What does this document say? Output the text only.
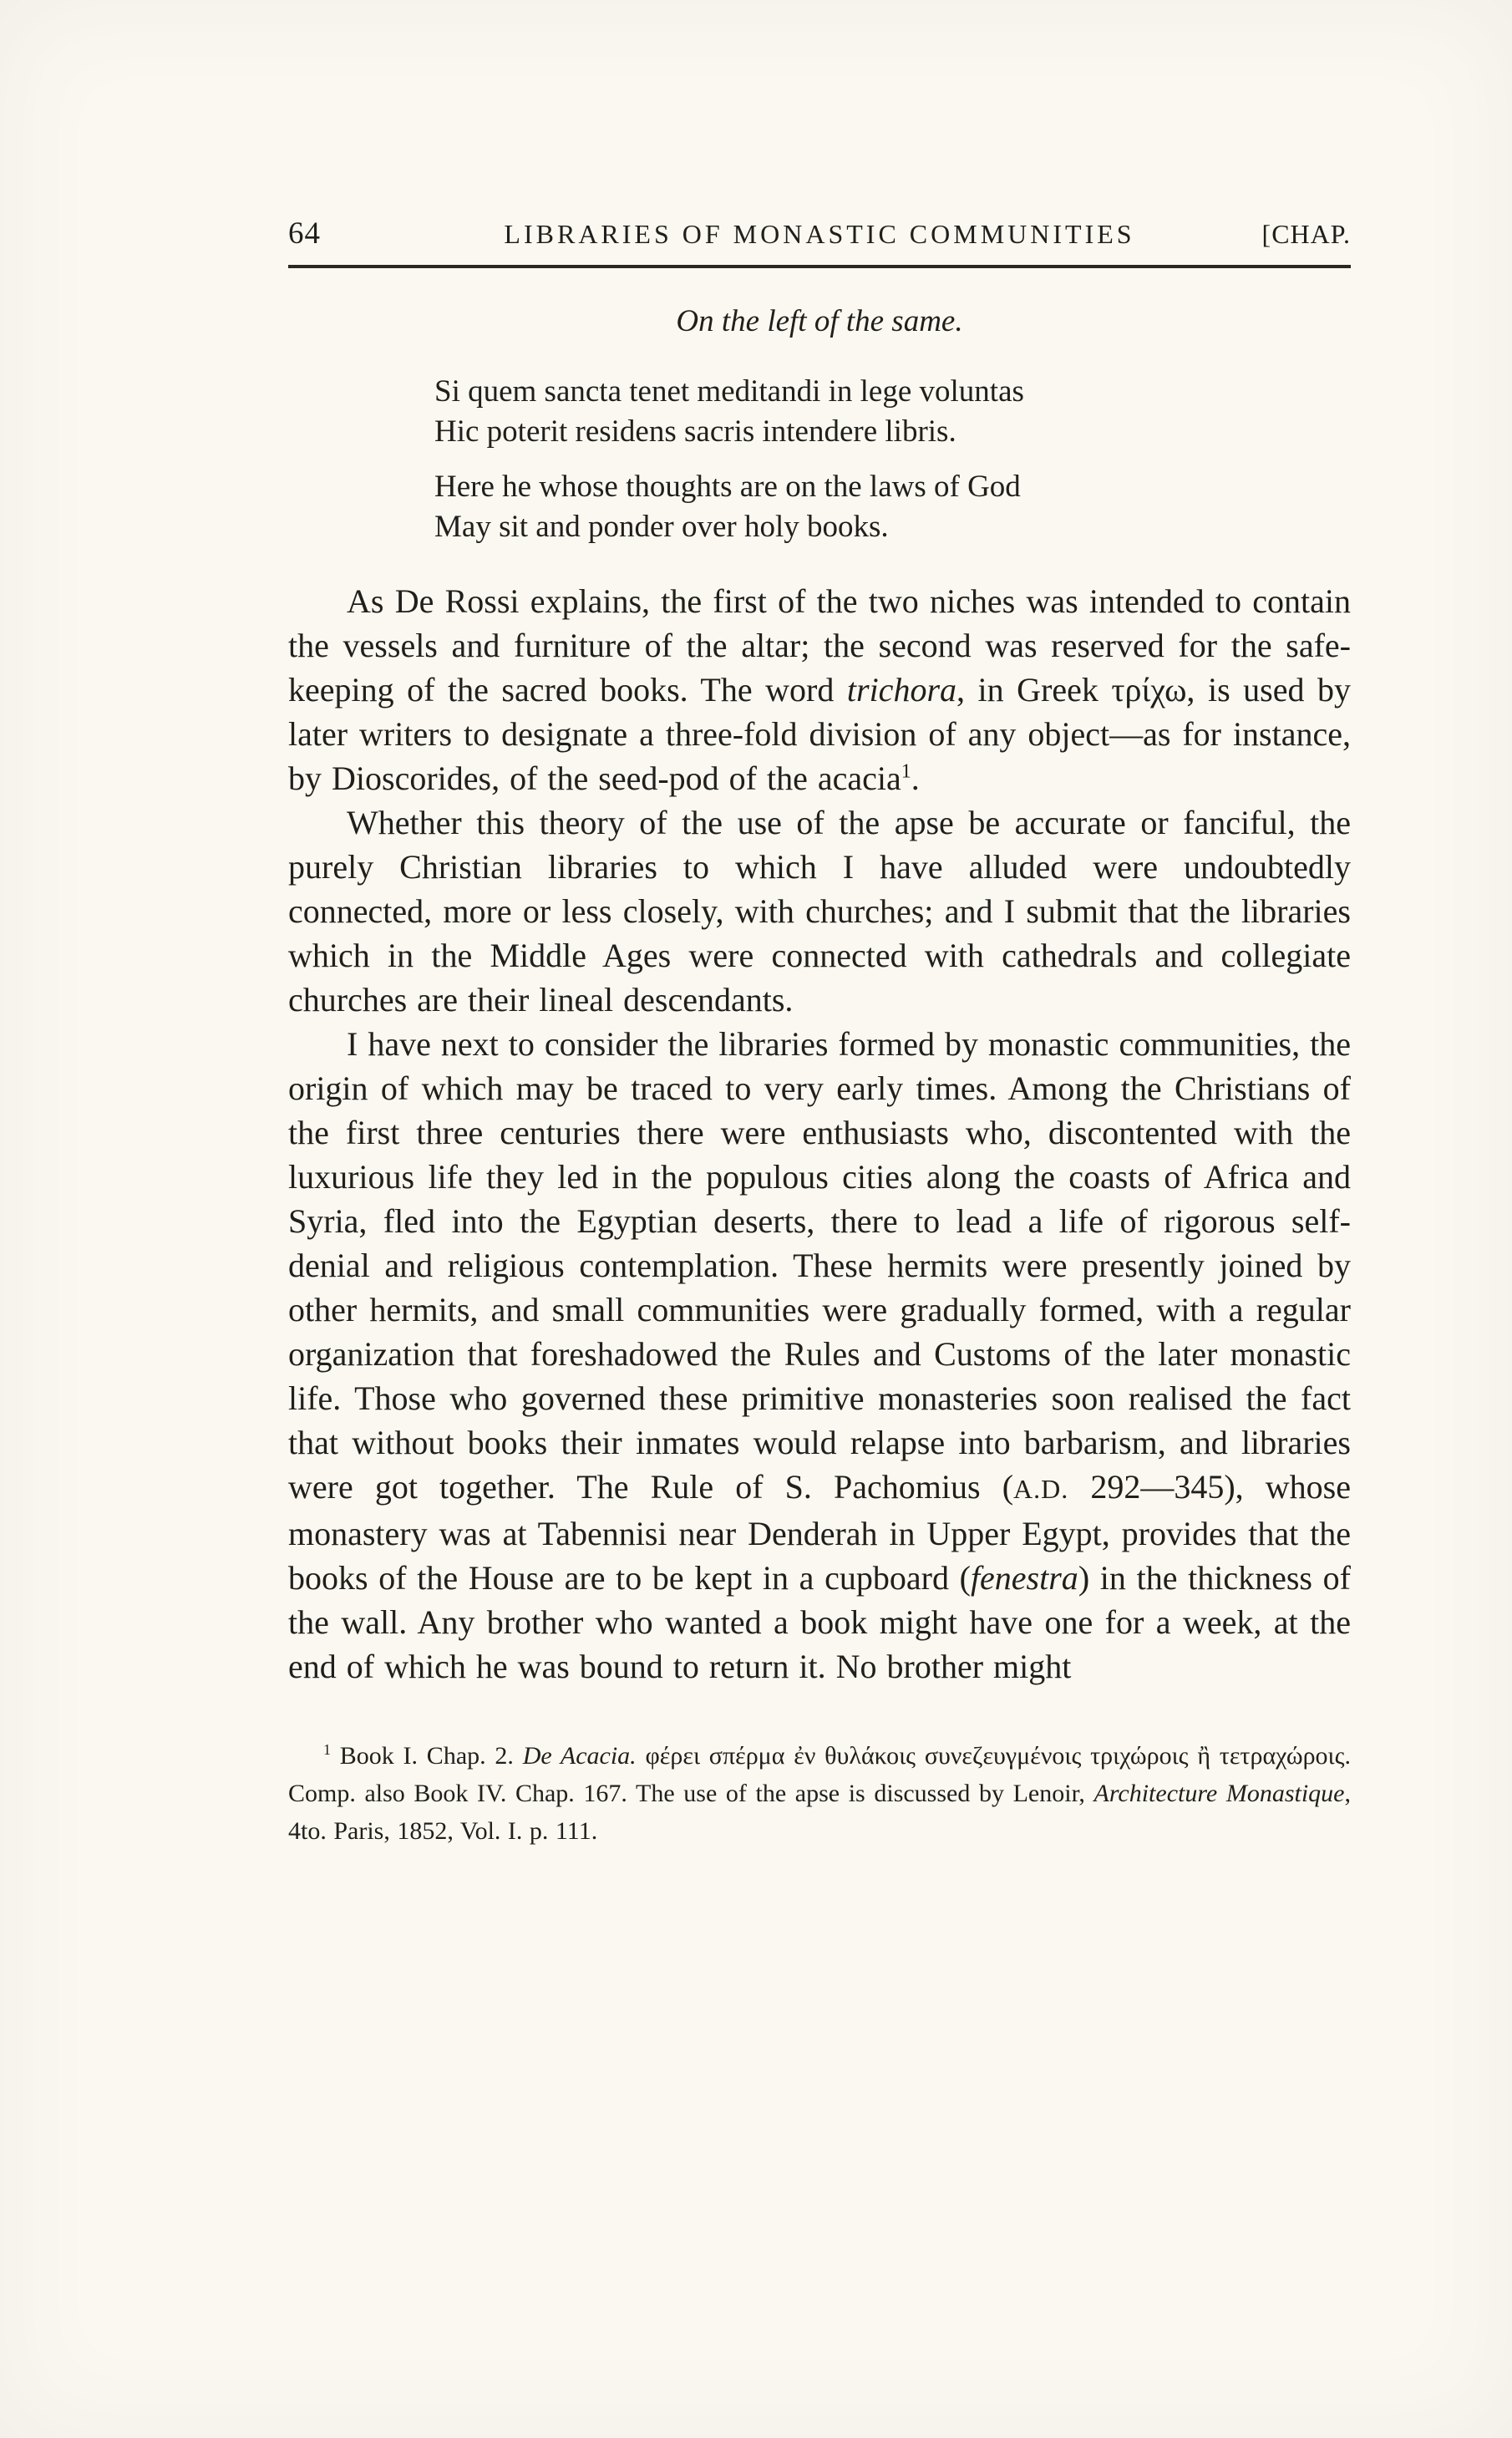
64	LIBRARIES OF MONASTIC COMMUNITIES	[CHAP.
On the left of the same.
Si quem sancta tenet meditandi in lege voluntas
Hic poterit residens sacris intendere libris.
Here he whose thoughts are on the laws of God
May sit and ponder over holy books.

As De Rossi explains, the first of the two niches was intended to contain the vessels and furniture of the altar; the second was reserved for the safe-keeping of the sacred books. The word trichora, in Greek τρίχω, is used by later writers to designate a three-fold division of any object—as for instance, by Dioscorides, of the seed-pod of the acacia$^1$.

Whether this theory of the use of the apse be accurate or fanciful, the purely Christian libraries to which I have alluded were undoubtedly connected, more or less closely, with churches; and I submit that the libraries which in the Middle Ages were connected with cathedrals and collegiate churches are their lineal descendants.

I have next to consider the libraries formed by monastic communities, the origin of which may be traced to very early times. Among the Christians of the first three centuries there were enthusiasts who, discontented with the luxurious life they led in the populous cities along the coasts of Africa and Syria, fled into the Egyptian deserts, there to lead a life of rigorous self-denial and religious contemplation. These hermits were presently joined by other hermits, and small communities were gradually formed, with a regular organization that foreshadowed the Rules and Customs of the later monastic life. Those who governed these primitive monasteries soon realised the fact that without books their inmates would relapse into barbarism, and libraries were got together. The Rule of S. Pachomius (A.D. 292—345), whose monastery was at Tabennisi near Denderah in Upper Egypt, provides that the books of the House are to be kept in a cupboard (fenestra) in the thickness of the wall. Any brother who wanted a book might have one for a week, at the end of which he was bound to return it. No brother might

$^1$ Book I. Chap. 2. De Acacia. φέρει σπέρμα ἐν θυλάκοις συνεζευγμένοις τριχώροις ἢ τετραχώροις. Comp. also Book IV. Chap. 167. The use of the apse is discussed by Lenoir, Architecture Monastique, 4to. Paris, 1852, Vol. I. p. 111.
